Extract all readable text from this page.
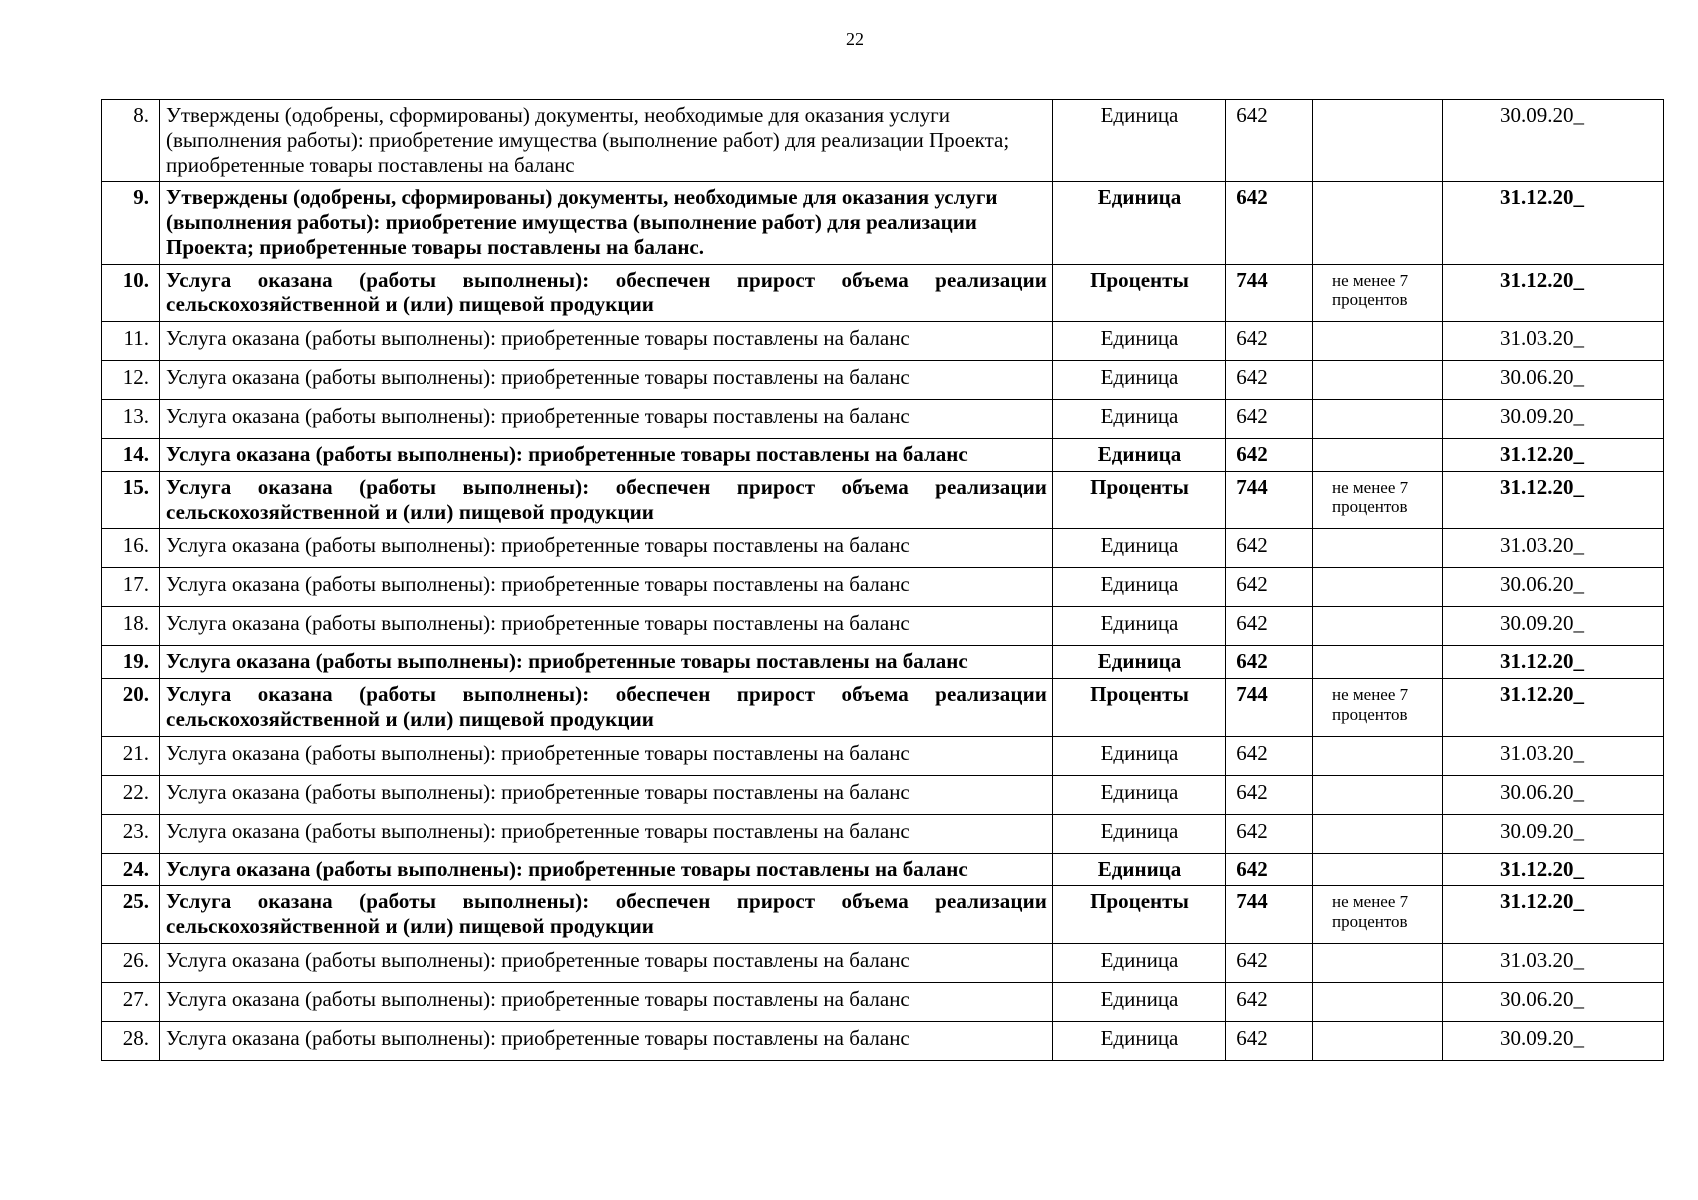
22
8.	Утверждены (одобрены, сформированы) документы, необходимые для оказания услуги (выполнения работы): приобретение имущества (выполнение работ) для реализации Проекта; приобретенные товары поставлены на баланс	Единица	642		30.09.20_
9.	Утверждены (одобрены, сформированы) документы, необходимые для оказания услуги (выполнения работы): приобретение имущества (выполнение работ) для реализации Проекта; приобретенные товары поставлены на баланс.	Единица	642		31.12.20_
10.	Услуга оказана (работы выполнены): обеспечен прирост объема реализации сельскохозяйственной и (или) пищевой продукции	Проценты	744	не менее 7 процентов	31.12.20_
11.	Услуга оказана (работы выполнены): приобретенные товары поставлены на баланс	Единица	642		31.03.20_
12.	Услуга оказана (работы выполнены): приобретенные товары поставлены на баланс	Единица	642		30.06.20_
13.	Услуга оказана (работы выполнены): приобретенные товары поставлены на баланс	Единица	642		30.09.20_
14.	Услуга оказана (работы выполнены): приобретенные товары поставлены на баланс	Единица	642		31.12.20_
15.	Услуга оказана (работы выполнены): обеспечен прирост объема реализации сельскохозяйственной и (или) пищевой продукции	Проценты	744	не менее 7 процентов	31.12.20_
16.	Услуга оказана (работы выполнены): приобретенные товары поставлены на баланс	Единица	642		31.03.20_
17.	Услуга оказана (работы выполнены): приобретенные товары поставлены на баланс	Единица	642		30.06.20_
18.	Услуга оказана (работы выполнены): приобретенные товары поставлены на баланс	Единица	642		30.09.20_
19.	Услуга оказана (работы выполнены): приобретенные товары поставлены на баланс	Единица	642		31.12.20_
20.	Услуга оказана (работы выполнены): обеспечен прирост объема реализации сельскохозяйственной и (или) пищевой продукции	Проценты	744	не менее 7 процентов	31.12.20_
21.	Услуга оказана (работы выполнены): приобретенные товары поставлены на баланс	Единица	642		31.03.20_
22.	Услуга оказана (работы выполнены): приобретенные товары поставлены на баланс	Единица	642		30.06.20_
23.	Услуга оказана (работы выполнены): приобретенные товары поставлены на баланс	Единица	642		30.09.20_
24.	Услуга оказана (работы выполнены): приобретенные товары поставлены на баланс	Единица	642		31.12.20_
25.	Услуга оказана (работы выполнены): обеспечен прирост объема реализации сельскохозяйственной и (или) пищевой продукции	Проценты	744	не менее 7 процентов	31.12.20_
26.	Услуга оказана (работы выполнены): приобретенные товары поставлены на баланс	Единица	642		31.03.20_
27.	Услуга оказана (работы выполнены): приобретенные товары поставлены на баланс	Единица	642		30.06.20_
28.	Услуга оказана (работы выполнены): приобретенные товары поставлены на баланс	Единица	642		30.09.20_
